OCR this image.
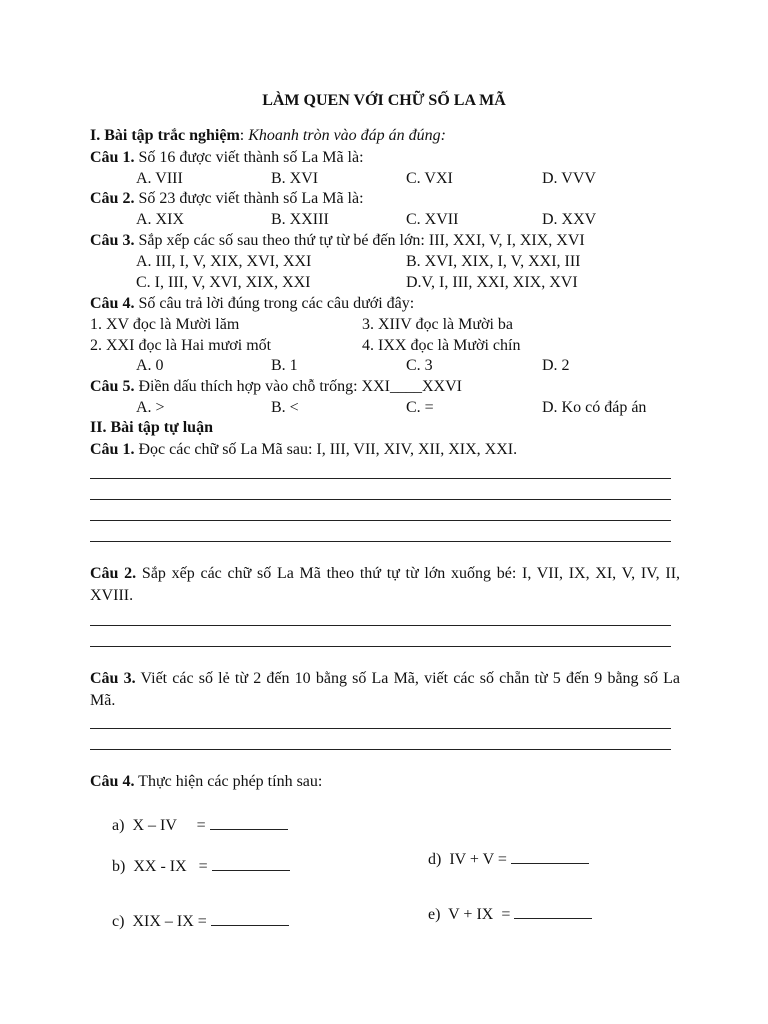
LÀM QUEN VỚI CHỮ SỐ LA MÃ
I. Bài tập trắc nghiệm: Khoanh tròn vào đáp án đúng:
Câu 1. Số 16 được viết thành số La Mã là:
A. VIII	B. XVI	C. VXI	D. VVV
Câu 2. Số 23 được viết thành số La Mã là:
A. XIX	B. XXIII	C. XVII	D. XXV
Câu 3. Sắp xếp các số sau theo thứ tự từ bé đến lớn: III, XXI, V, I, XIX, XVI
A. III, I, V, XIX, XVI, XXI	B. XVI, XIX, I, V, XXI, III
C. I, III, V, XVI, XIX, XXI	D.V, I, III, XXI, XIX, XVI
Câu 4. Số câu trả lời đúng trong các câu dưới đây:
1. XV đọc là Mười lăm	3. XIIV đọc là Mười ba
2. XXI đọc là Hai mươi mốt	4. IXX đọc là Mười chín
A. 0	B. 1	C. 3	D. 2
Câu 5. Điền dấu thích hợp vào chỗ trống: XXI____XXVI
A. >	B. <	C. =	D. Ko có đáp án
II. Bài tập tự luận
Câu 1. Đọc các chữ số La Mã sau: I, III, VII, XIV, XII, XIX, XXI.
Câu 2. Sắp xếp các chữ số La Mã theo thứ tự từ lớn xuống bé: I, VII, IX, XI, V, IV, II, XVIII.
Câu 3. Viết các số lẻ từ 2 đến 10 bằng số La Mã, viết các số chẵn từ 5 đến 9 bằng số La Mã.
Câu 4. Thực hiện các phép tính sau:
a) X – IV     =
b) XX - IX   =
c) XIX – IX =
d) IV + V =
e) V + IX  =
